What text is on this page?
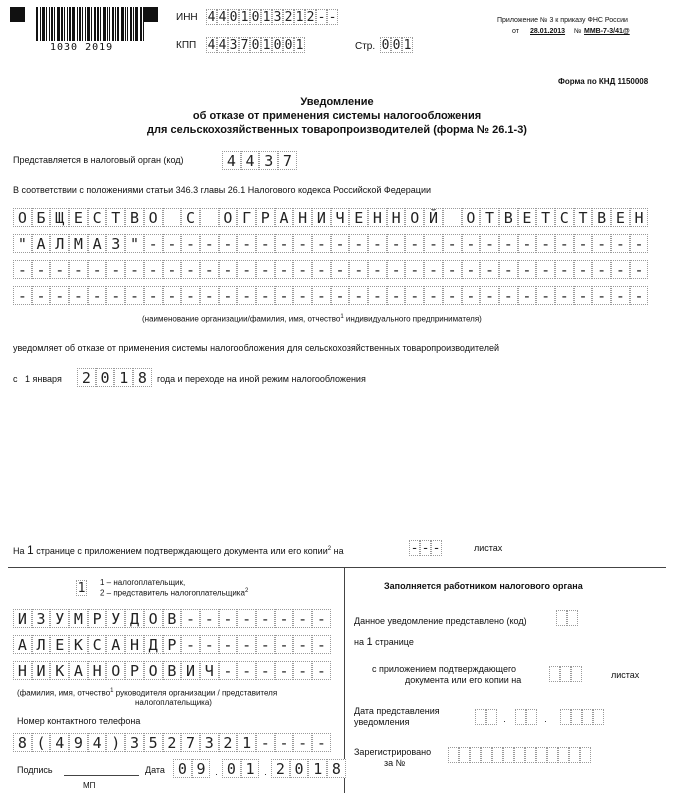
1030 2019
ИНН 4 4 0 1 0 1 3 2 1 2 - -
КПП 4 4 3 7 0 1 0 0 1	Стр. 0 0 1
Приложение № 3 к приказу ФНС России
от 28.01.2013 № ММВ-7-3/41@
Форма по КНД 1150008
Уведомление
об отказе от применения системы налогообложения
для сельскохозяйственных товаропроизводителей (форма № 26.1-3)
Представляется в налоговый орган (код)	4 4 3 7
В соответствии с положениями статьи 346.3 главы 26.1 Налогового кодекса Российской Федерации
О Б Щ Е С Т В О
	С
	О Г Р А Н И Ч Е Н Н О Й
	О Т В Е Т С Т В Е Н
" А Л М А З " - - - - - - - - - - - - - - - - - - - - - - - - - - -
- - - - - - - - - - - - - - - - - - - - - - - - - - - - - - - - - -
- - - - - - - - - - - - - - - - - - - - - - - - - - - - - - - - - -
(наименование организации/фамилия, имя, отчество$^1$ индивидуального предпринимателя)
уведомляет об отказе от применения системы налогообложения для сельскохозяйственных товаропроизводителей
с 1 января	2 0 1 8	года и переходе на иной режим налогообложения
На 1 странице с приложением подтверждающего документа или его копии$^2$ на	- - -	листах
1 1 – налогоплательщик,
2 – представитель налогоплательщика$^2$
И З У М Р У Д О В - - - - - - - -
А Л Е К С А Н Д Р - - - - - - - -
Н И К А Н О Р О В И Ч - - - - - -
(фамилия, имя, отчество$^1$ руководителя организации / представителя
налогоплательщика)
Номер контактного телефона
8 ( 4 9 4 ) 3 5 2 7 3 2 1 - - - -
Подпись	Дата 0 9	. 0 1	. 2 0 1 8
МП
Заполняется работником налогового органа
Данное уведомление представлено (код)
на 1 странице
с приложением подтверждающего
документа или его копии на	листах
Дата представления
уведомления	.	.
Зарегистрировано
за №
